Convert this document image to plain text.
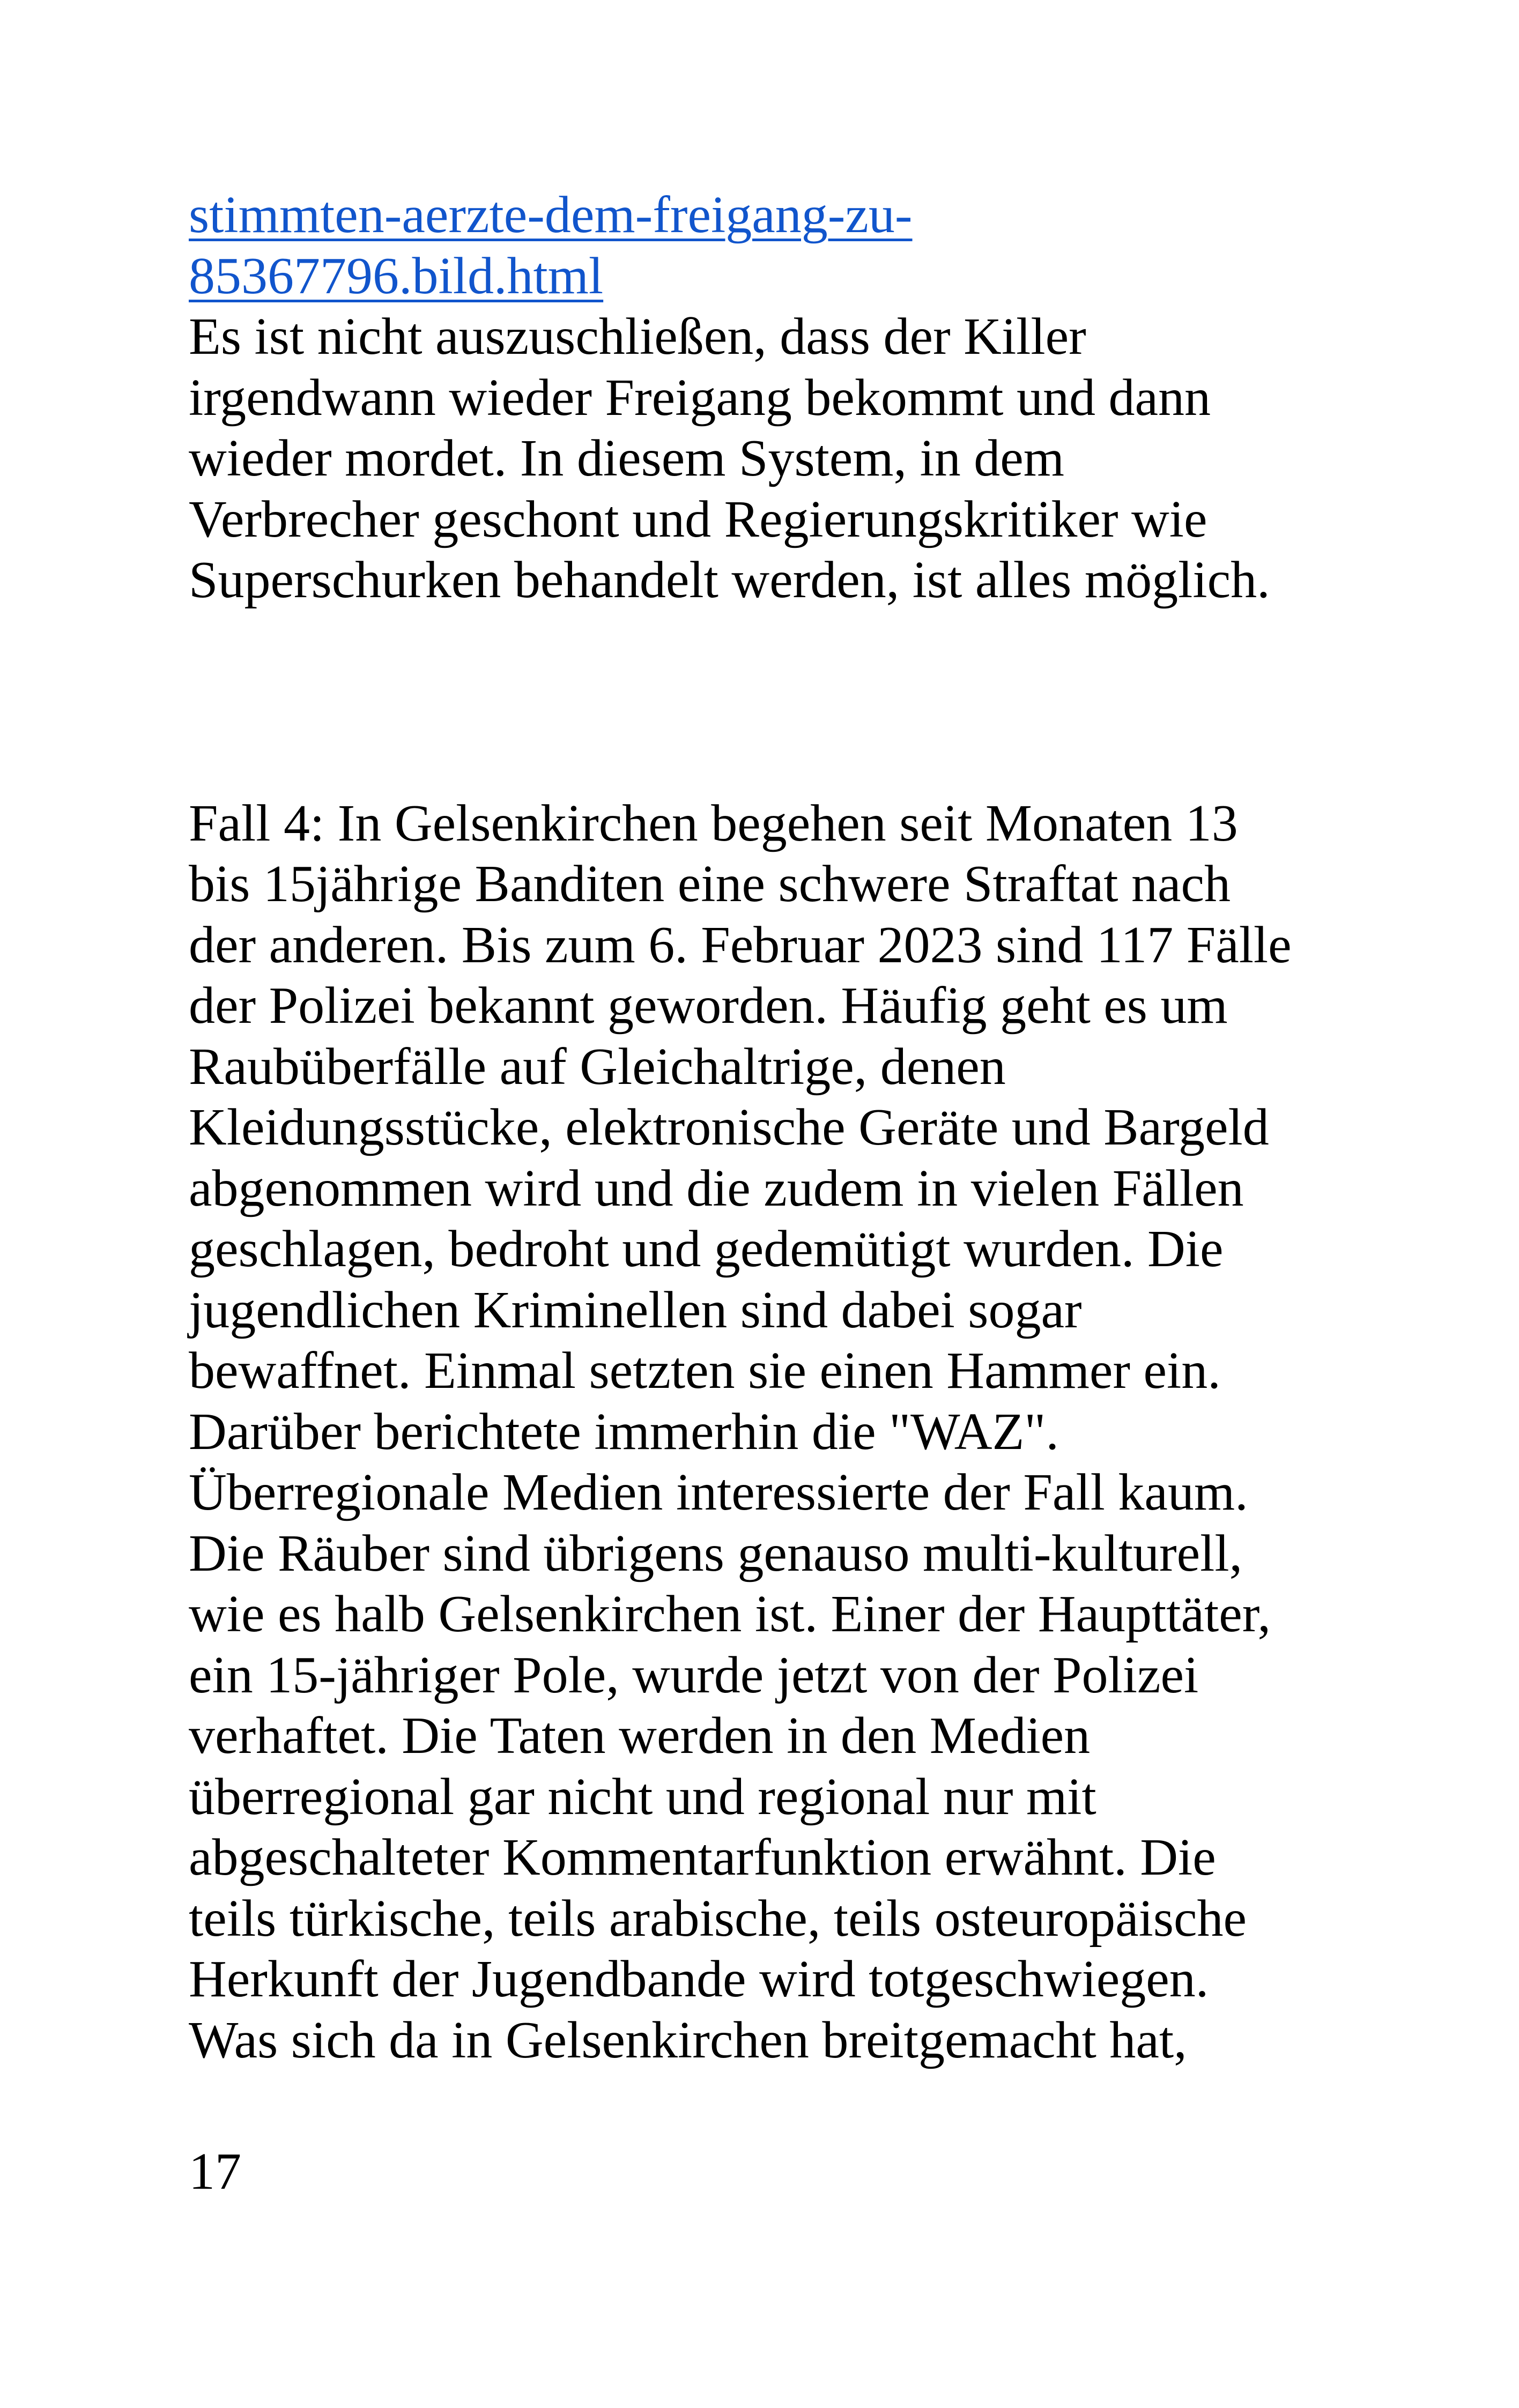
stimmten-aerzte-dem-freigang-zu-
85367796.bild.html
Es ist nicht auszuschließen, dass der Killer
irgendwann wieder Freigang bekommt und dann
wieder mordet. In diesem System, in dem
Verbrecher geschont und Regierungskritiker wie
Superschurken behandelt werden, ist alles möglich.
Fall 4: In Gelsenkirchen begehen seit Monaten 13
bis 15jährige Banditen eine schwere Straftat nach
der anderen. Bis zum 6. Februar 2023 sind 117 Fälle
der Polizei bekannt geworden. Häufig geht es um
Raubüberfälle auf Gleichaltrige, denen
Kleidungsstücke, elektronische Geräte und Bargeld
abgenommen wird und die zudem in vielen Fällen
geschlagen, bedroht und gedemütigt wurden. Die
jugendlichen Kriminellen sind dabei sogar
bewaffnet. Einmal setzten sie einen Hammer ein.
Darüber berichtete immerhin die "WAZ".
Überregionale Medien interessierte der Fall kaum.
Die Räuber sind übrigens genauso multi-kulturell,
wie es halb Gelsenkirchen ist. Einer der Haupttäter,
ein 15-jähriger Pole, wurde jetzt von der Polizei
verhaftet. Die Taten werden in den Medien
überregional gar nicht und regional nur mit
abgeschalteter Kommentarfunktion erwähnt. Die
teils türkische, teils arabische, teils osteuropäische
Herkunft der Jugendbande wird totgeschwiegen.
Was sich da in Gelsenkirchen breitgemacht hat,
17
